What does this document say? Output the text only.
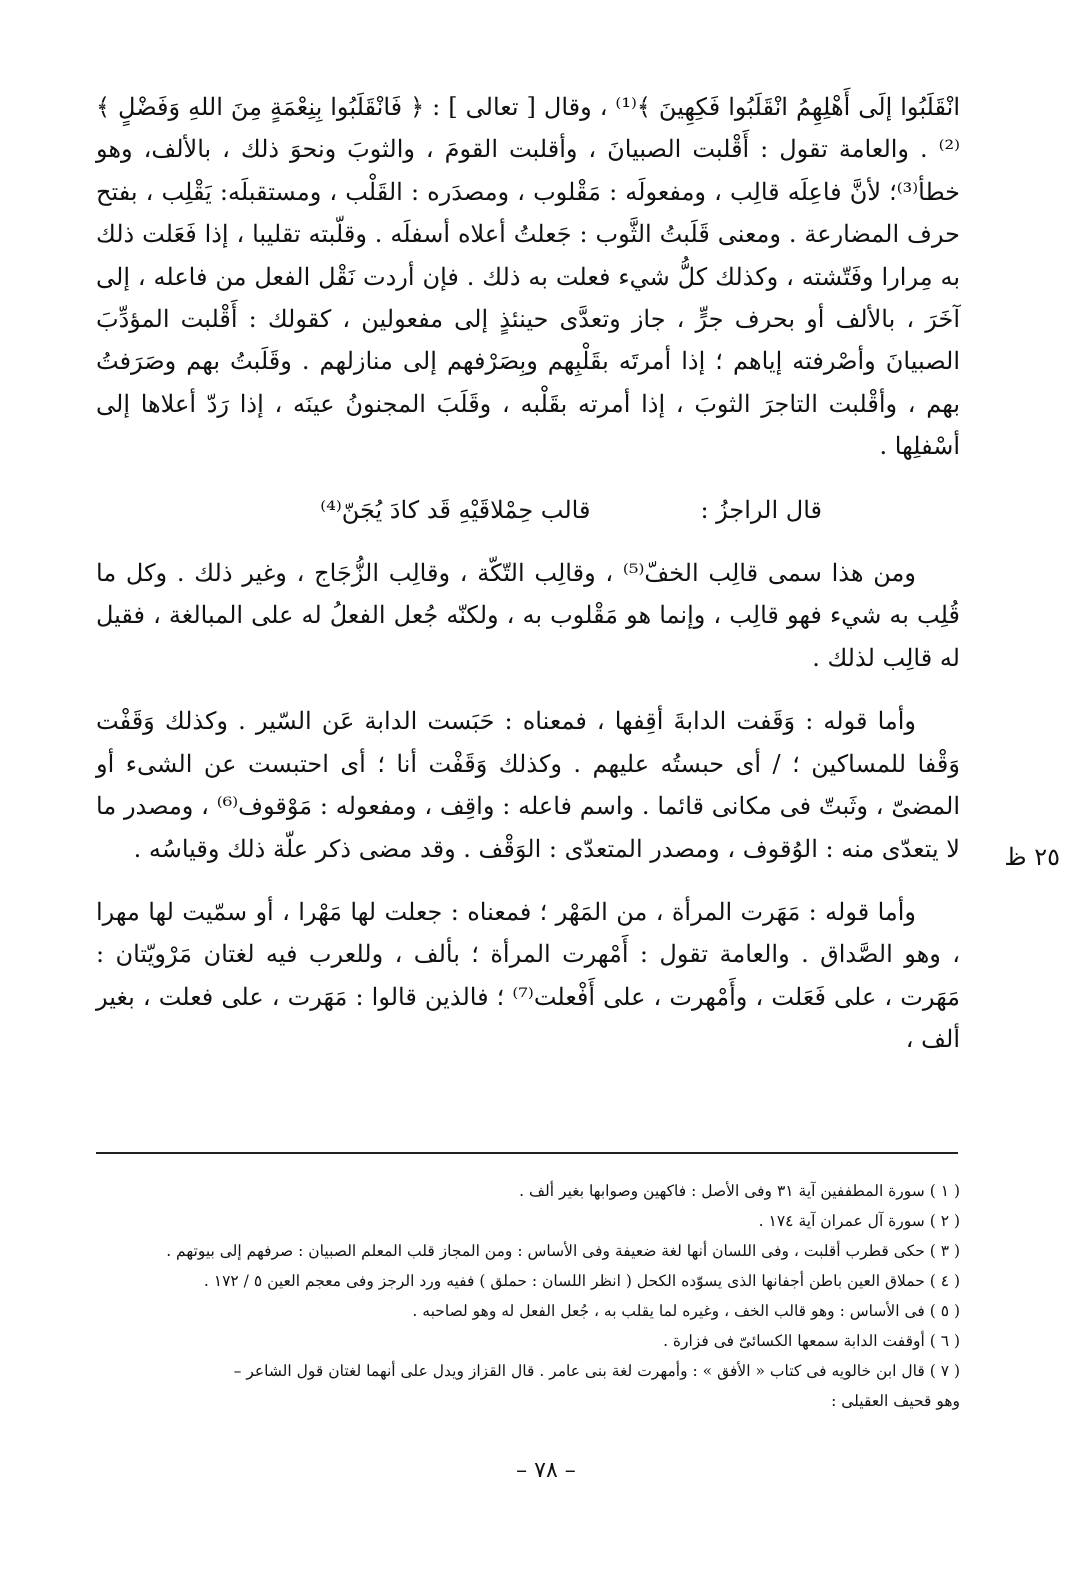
انْقَلَبُوا إلَى أَهْلِهِمُ انْقَلَبُوا فَكِهِينَ ﴾⁽¹⁾ ، وقال [ تعالى ] : ﴿ فَانْقَلَبُوا بِنِعْمَةٍ مِنَ اللهِ وَفَضْلٍ ﴾⁽²⁾ . والعامة تقول : أَقْلبت الصبيانَ ، وأقلبت القومَ ، والثوبَ ونحوَ ذلك ، بالألف، وهو خطأ⁽³⁾؛ لأنَّ فاعِلَه قالِب ، ومفعولَه : مَقْلوب ، ومصدَره : القَلْب ، ومستقبلَه: يَقْلِب ، بفتح حرف المضارعة . ومعنى قَلَبتُ الثَّوب : جَعلتُ أعلاه أسفلَه . وقلّبته تقليبا ، إذا فَعَلت ذلك به مِرارا وفَتّشته ، وكذلك كلُّ شيء فعلت به ذلك . فإن أردت نَقْل الفعل من فاعله ، إلى آخَرَ ، بالألف أو بحرف جرٍّ ، جاز وتعدَّى حينئذٍ إلى مفعولين ، كقولك : أَقْلبت المؤدِّبَ الصبيانَ وأصْرفته إياهم ؛ إذا أمرتَه بقَلْبِهم وبِصَرْفهم إلى منازلهم . وقَلَبتُ بهم وصَرَفتُ بهم ، وأقْلبت التاجرَ الثوبَ ، إذا أمرته بقَلْبه ، وقَلَبَ المجنونُ عينَه ، إذا رَدّ أعلاها إلى أسْفلِها .

قال الراجزُ :قالب حِمْلاقَيْهِ قَد كادَ يُجَنّ⁽⁴⁾

ومن هذا سمى قالِب الخفّ⁽⁵⁾ ، وقالِب التّكّة ، وقالِب الزُّجَاج ، وغير ذلك . وكل ما قُلِب به شيء فهو قالِب ، وإنما هو مَقْلوب به ، ولكنّه جُعل الفعلُ له على المبالغة ، فقيل له قالِب لذلك .

وأما قوله : وَقَفت الدابةَ أقِفها ، فمعناه : حَبَست الدابة عَن السّير . وكذلك وَقَفْت وَقْفا للمساكين ؛ / أى حبستُه عليهم . وكذلك وَقَفْت أنا ؛ أى احتبست عن الشىء أو المضىّ ، وثَبتّ فى مكانى قائما . واسم فاعله : واقِف ، ومفعوله : مَوْقوف⁽⁶⁾ ، ومصدر ما لا يتعدّى منه : الوُقوف ، ومصدر المتعدّى : الوَقْف . وقد مضى ذكر علّة ذلك وقياسُه .

وأما قوله : مَهَرت المرأة ، من المَهْر ؛ فمعناه : جعلت لها مَهْرا ، أو سمّيت لها مهرا ، وهو الصَّداق . والعامة تقول : أَمْهرت المرأة ؛ بألف ، وللعرب فيه لغتان مَرْويّتان : مَهَرت ، على فَعَلت ، وأَمْهرت ، على أَفْعلت⁽⁷⁾ ؛ فالذين قالوا : مَهَرت ، على فعلت ، بغير ألف ،

٢٥ ظ

( ١ ) سورة المطففين آية ٣١ وفى الأصل : فاكهين وصوابها بغير ألف .

( ٢ ) سورة آل عمران آية ١٧٤ .

( ٣ ) حكى قطرب أقلبت ، وفى اللسان أنها لغة ضعيفة وفى الأساس : ومن المجاز قلب المعلم الصبيان : صرفهم إلى بيوتهم .

( ٤ ) حملاق العين باطن أجفانها الذى يسوّده الكحل ( انظر اللسان : حملق ) ففيه ورد الرجز وفى معجم العين ٥ / ١٧٢ .

( ٥ ) فى الأساس : وهو قالب الخف ، وغيره لما يقلب به ، جُعل الفعل له وهو لصاحبه .

( ٦ ) أوقفت الدابة سمعها الكسائىّ فى فزارة .

( ٧ ) قال ابن خالويه فى كتاب « الأفق » : وأمهرت لغة بنى عامر . قال القزاز ويدل على أنهما لغتان قول الشاعر –

وهو قحيف العقيلى :

– ٧٨ –
